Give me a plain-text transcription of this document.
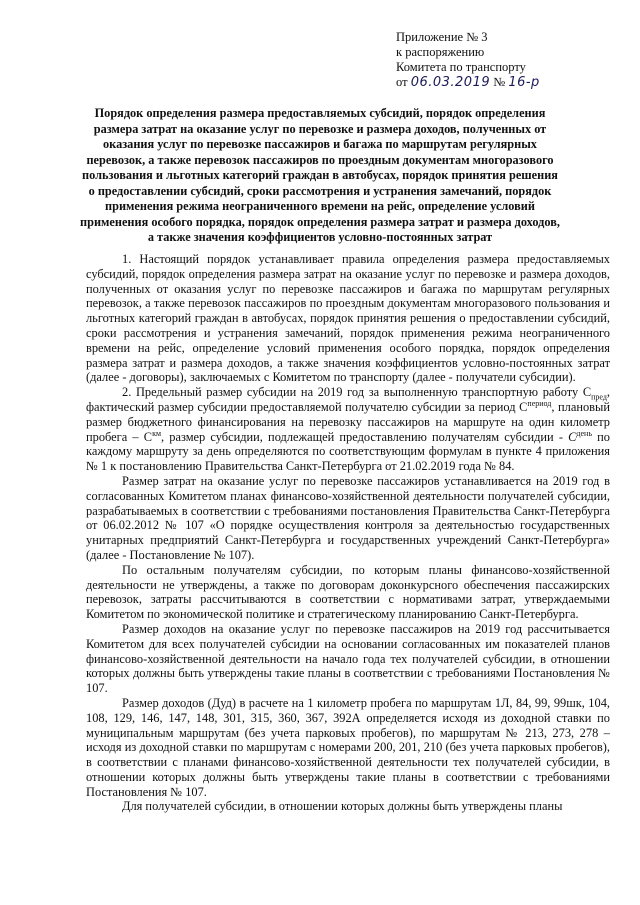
Приложение № 3
к распоряжению
Комитета по транспорту
от 06.03.2019 № 16-р
Порядок определения размера предоставляемых субсидий, порядок определения размера затрат на оказание услуг по перевозке и размера доходов, полученных от оказания услуг по перевозке пассажиров и багажа по маршрутам регулярных перевозок, а также перевозок пассажиров по проездным документам многоразового пользования и льготных категорий граждан в автобусах, порядок принятия решения о предоставлении субсидий, сроки рассмотрения и устранения замечаний, порядок применения режима неограниченного времени на рейс, определение условий применения особого порядка, порядок определения размера затрат и размера доходов, а также значения коэффициентов условно-постоянных затрат

1. Настоящий порядок устанавливает правила определения размера предоставляемых субсидий, порядок определения размера затрат на оказание услуг по перевозке и размера доходов, полученных от оказания услуг по перевозке пассажиров и багажа по маршрутам регулярных перевозок, а также перевозок пассажиров по проездным документам многоразового пользования и льготных категорий граждан в автобусах, порядок принятия решения о предоставлении субсидий, сроки рассмотрения и устранения замечаний, порядок применения режима неограниченного времени на рейс, определение условий применения особого порядка, порядок определения размера затрат и размера доходов, а также значения коэффициентов условно-постоянных затрат (далее - договоры), заключаемых с Комитетом по транспорту (далее - получатели субсидии).

2. Предельный размер субсидии на 2019 год за выполненную транспортную работу $С_{пред}$, фактический размер субсидии предоставляемой получателю субсидии за период $С^{период}$, плановый размер бюджетного финансирования на перевозку пассажиров на маршруте на один километр пробега – $С^{км}$, размер субсидии, подлежащей предоставлению получателям субсидии - $С^{день}$ по каждому маршруту за день определяются по соответствующим формулам в пункте 4 приложения № 1 к постановлению Правительства Санкт-Петербурга от 21.02.2019 года № 84.

Размер затрат на оказание услуг по перевозке пассажиров устанавливается на 2019 год в согласованных Комитетом планах финансово-хозяйственной деятельности получателей субсидии, разрабатываемых в соответствии с требованиями постановления Правительства Санкт-Петербурга от 06.02.2012 № 107 «О порядке осуществления контроля за деятельностью государственных унитарных предприятий Санкт-Петербурга и государственных учреждений Санкт-Петербурга» (далее - Постановление № 107).

По остальным получателям субсидии, по которым планы финансово-хозяйственной деятельности не утверждены, а также по договорам доконкурсного обеспечения пассажирских перевозок, затраты рассчитываются в соответствии с нормативами затрат, утверждаемыми Комитетом по экономической политике и стратегическому планированию Санкт-Петербурга.

Размер доходов на оказание услуг по перевозке пассажиров на 2019 год рассчитывается Комитетом для всех получателей субсидии на основании согласованных им показателей планов финансово-хозяйственной деятельности на начало года тех получателей субсидии, в отношении которых должны быть утверждены такие планы в соответствии с требованиями Постановления № 107.

Размер доходов (Дуд) в расчете на 1 километр пробега по маршрутам 1Л, 84, 99, 99шк, 104, 108, 129, 146, 147, 148, 301, 315, 360, 367, 392А определяется исходя из доходной ставки по муниципальным маршрутам (без учета парковых пробегов), по маршрутам № 213, 273, 278 – исходя из доходной ставки по маршрутам с номерами 200, 201, 210 (без учета парковых пробегов), в соответствии с планами финансово-хозяйственной деятельности тех получателей субсидии, в отношении которых должны быть утверждены такие планы в соответствии с требованиями Постановления № 107.

Для получателей субсидии, в отношении которых должны быть утверждены планы
